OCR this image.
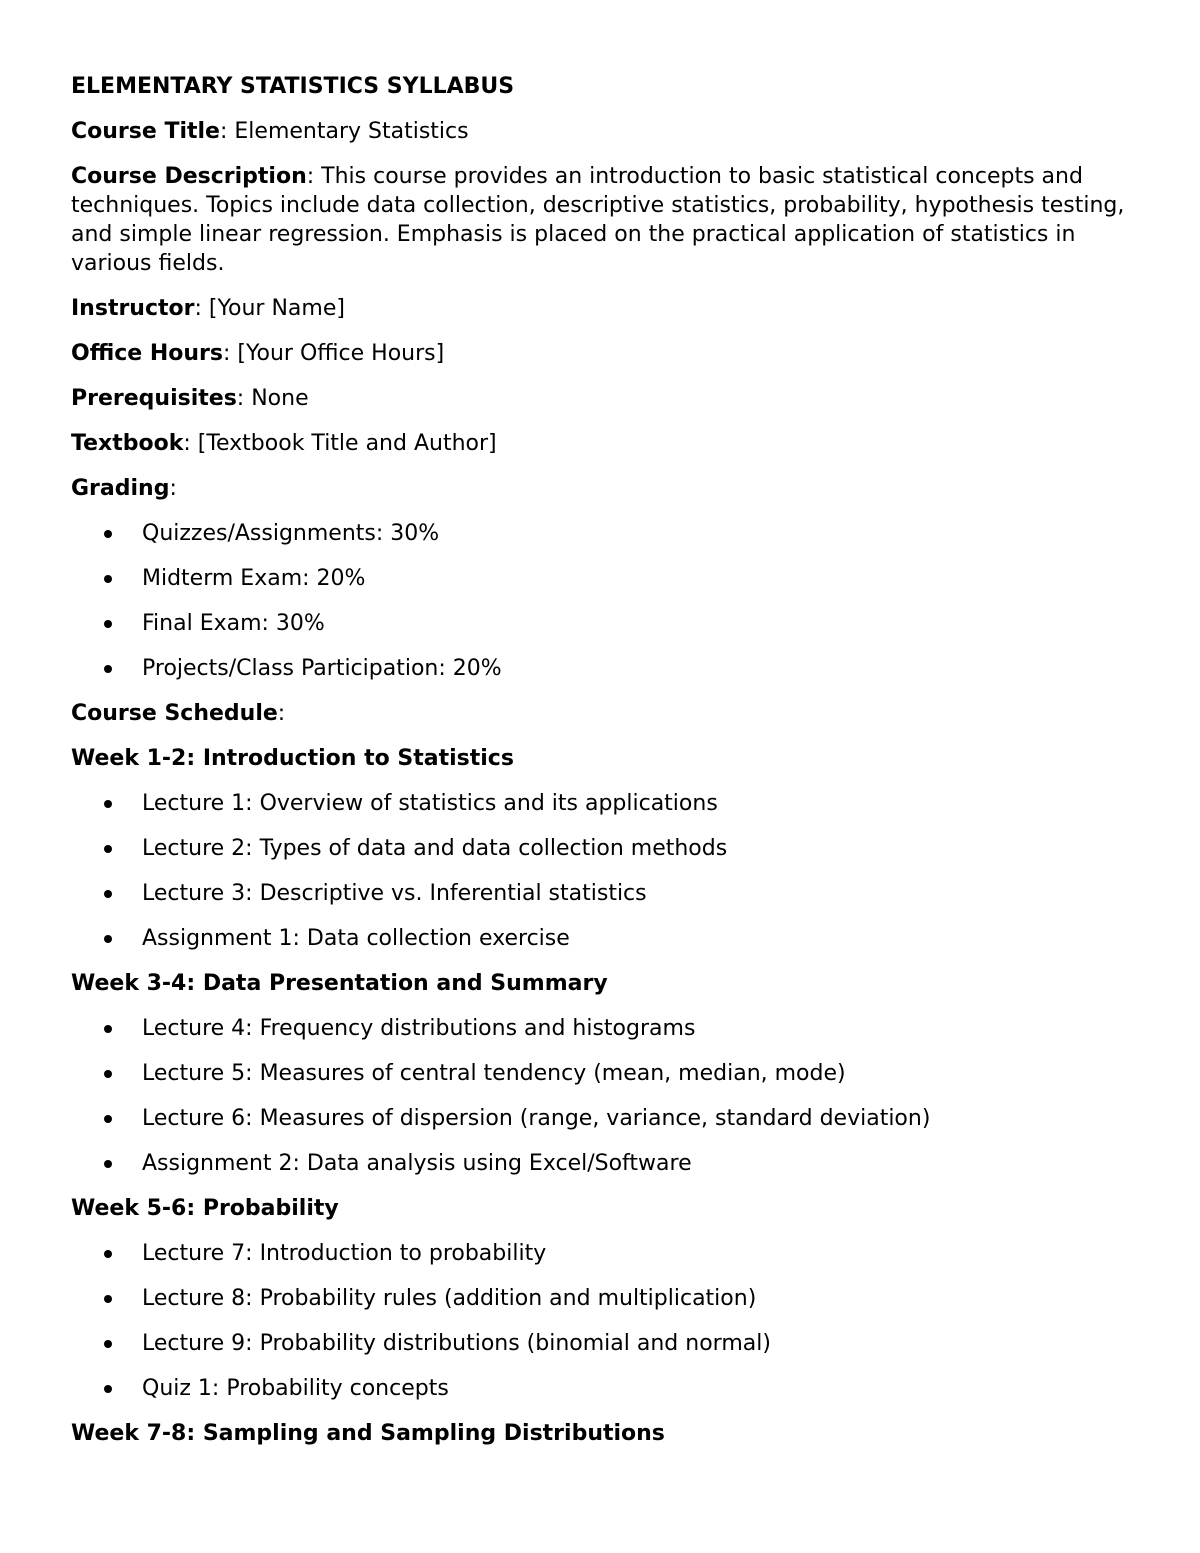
ELEMENTARY STATISTICS SYLLABUS
Course Title: Elementary Statistics
Course Description: This course provides an introduction to basic statistical concepts and techniques. Topics include data collection, descriptive statistics, probability, hypothesis testing, and simple linear regression. Emphasis is placed on the practical application of statistics in various fields.
Instructor: [Your Name]
Office Hours: [Your Office Hours]
Prerequisites: None
Textbook: [Textbook Title and Author]
Grading:
Quizzes/Assignments: 30%
Midterm Exam: 20%
Final Exam: 30%
Projects/Class Participation: 20%
Course Schedule:
Week 1-2: Introduction to Statistics
Lecture 1: Overview of statistics and its applications
Lecture 2: Types of data and data collection methods
Lecture 3: Descriptive vs. Inferential statistics
Assignment 1: Data collection exercise
Week 3-4: Data Presentation and Summary
Lecture 4: Frequency distributions and histograms
Lecture 5: Measures of central tendency (mean, median, mode)
Lecture 6: Measures of dispersion (range, variance, standard deviation)
Assignment 2: Data analysis using Excel/Software
Week 5-6: Probability
Lecture 7: Introduction to probability
Lecture 8: Probability rules (addition and multiplication)
Lecture 9: Probability distributions (binomial and normal)
Quiz 1: Probability concepts
Week 7-8: Sampling and Sampling Distributions
